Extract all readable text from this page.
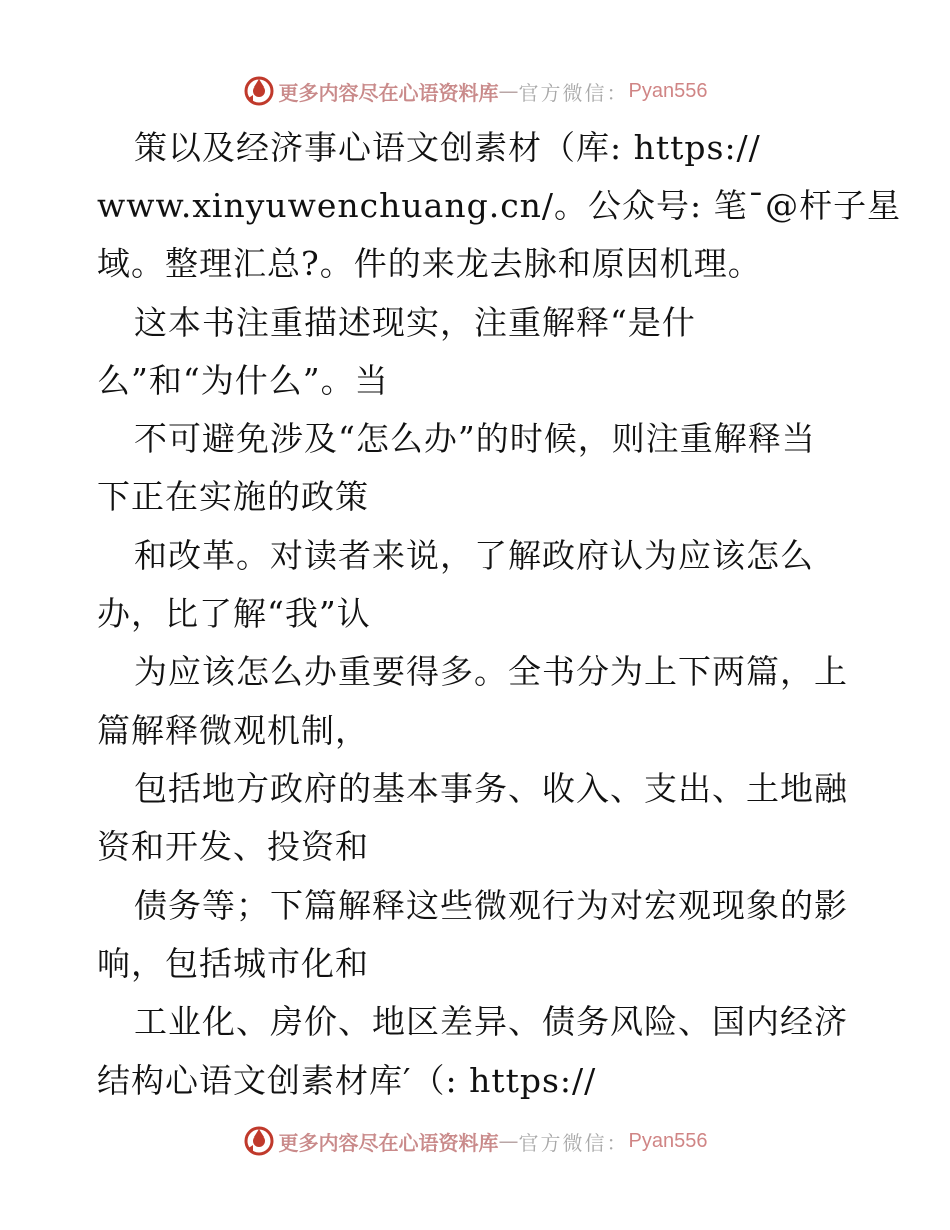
更多内容尽在心语资料库 — 官方微信： Pyan556
策以及经济事心语文创素材（库: https://
www.xinyuwenchuang.cn/。公众号: 笔¯@杆子星
域。整理汇总?。件的来龙去脉和原因机理。
这本书注重描述现实，注重解释“是什
么”和“为什么”。当
不可避免涉及“怎么办”的时候，则注重解释当
下正在实施的政策
和改革。对读者来说，了解政府认为应该怎么
办，比了解“我”认
为应该怎么办重要得多。全书分为上下两篇，上
篇解释微观机制，
包括地方政府的基本事务、收入、支出、土地融
资和开发、投资和
债务等；下篇解释这些微观行为对宏观现象的影
响，包括城市化和
工业化、房价、地区差异、债务风险、国内经济
结构心语文创素材库′（: https://
更多内容尽在心语资料库 — 官方微信： Pyan556
